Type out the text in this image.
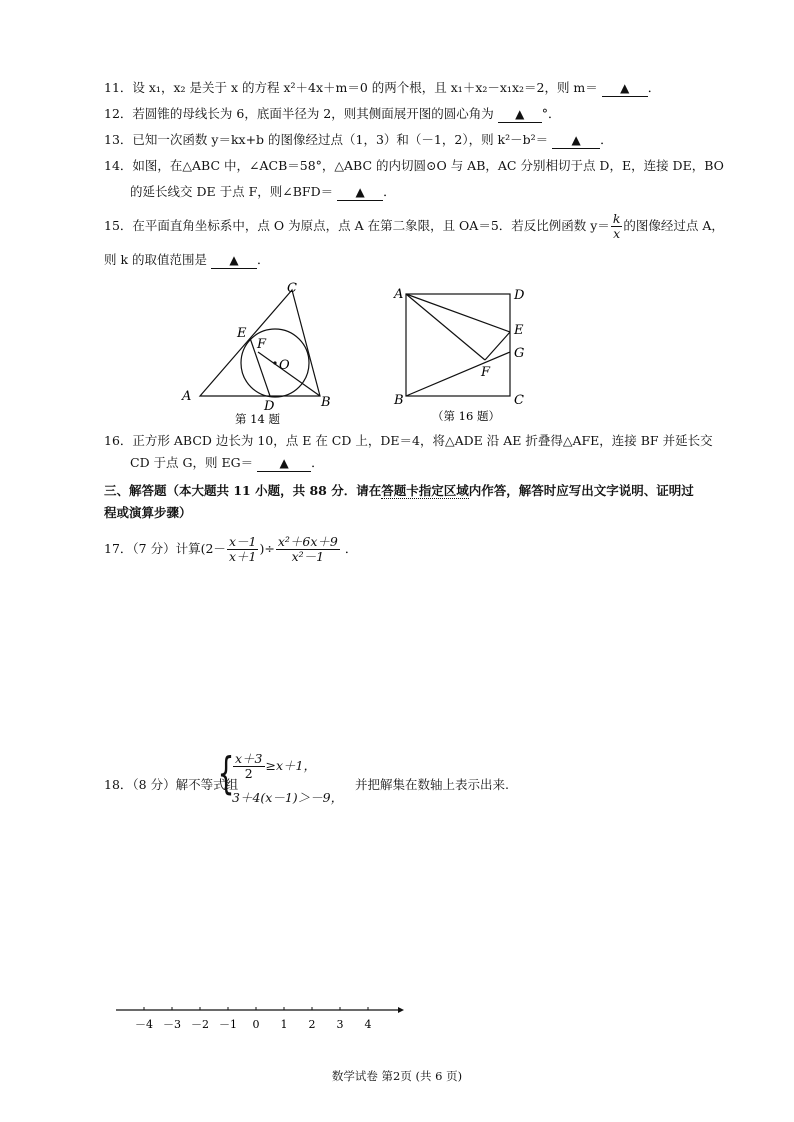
11．设 x₁，x₂ 是关于 x 的方程 x²＋4x＋m＝0 的两个根，且 x₁＋x₂－x₁x₂＝2，则 m＝ ▲ ．
12．若圆锥的母线长为 6，底面半径为 2，则其侧面展开图的圆心角为 ▲ °．
13．已知一次函数 y＝kx+b 的图像经过点（1，3）和（－1，2），则 k²－b²＝ ▲ ．
14．如图，在△ABC 中，∠ACB＝58°，△ABC 的内切圆⊙O 与 AB，AC 分别相切于点 D，E，连接 DE，BO
的延长线交 DE 于点 F，则∠BFD＝ ▲ ．
15．在平面直角坐标系中，点 O 为原点，点 A 在第二象限，且 OA＝5．若反比例函数 $y= \frac{k}{x}$ 的图像经过点 A，
则 k 的取值范围是 ▲ ．
A	B
C
D
E
F
O
第 14 题
A	D
E
G
F
B	C
（第 16 题）
16．正方形 ABCD 边长为 10，点 E 在 CD 上，DE＝4，将△ADE 沿 AE 折叠得△AFE，连接 BF 并延长交
CD 于点 G，则 EG＝ ▲ ．
三、解答题（本大题共 11 小题，共 88 分．请在答题卡指定区域内作答，解答时应写出文字说明、证明过
程或演算步骤）
17．（7 分）计算($2- \frac{x-1}{x+1}$ )÷ $\frac{\text{x²＋6x＋9}}{\text{x²－1}}$ ．
18．（8 分）解不等式组
{
$\frac{x+3}{2} \ge x+1$，
3＋4(x－1)＞－9，
并把解集在数轴上表示出来.
－4 －3 －2 －1 0 1 2 3 4
数学试卷 第2页 (共 6 页)
